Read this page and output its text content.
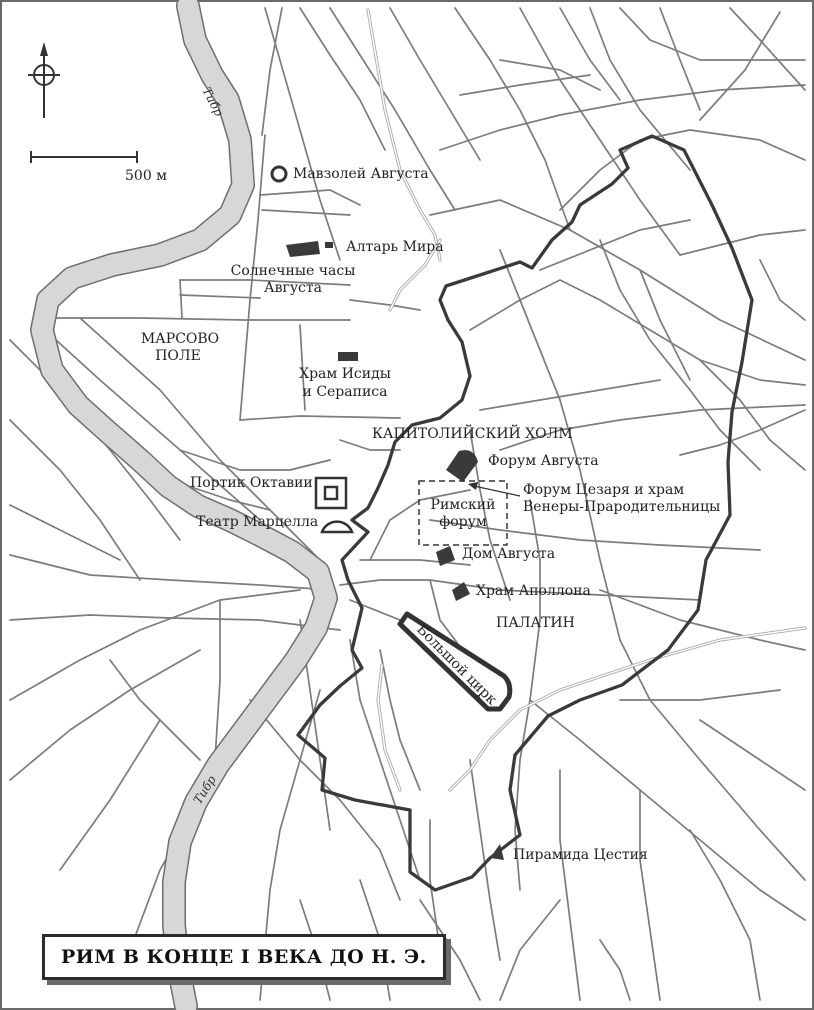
Тибр
Тибр
500 м
Большой цирк
Мавзолей Августа
Алтарь Мира
Солнечные часы
Августа
МАРСОВО
ПОЛЕ
Храм Исиды
и Сераписа
КАПИТОЛИЙСКИЙ ХОЛМ
Форум Августа
Портик Октавии	Форум Цезаря и храм
Венеры-Прародительницы
Римский
форум
Театр Марцелла
Дом Августа
Храм Аполлона
ПАЛАТИН
Пирамида Цестия
РИМ В КОНЦЕ I ВЕКА ДО Н. Э.
